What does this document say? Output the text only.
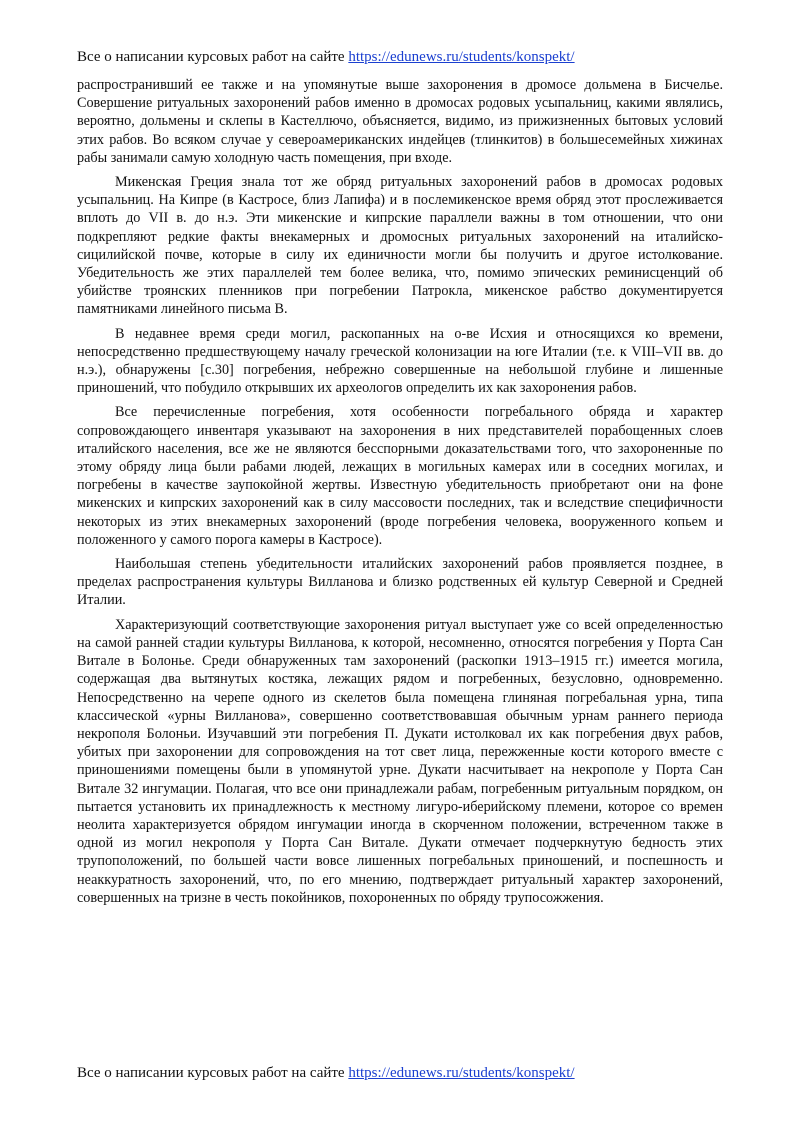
Все о написании курсовых работ на сайте https://edunews.ru/students/konspekt/

распространивший ее также и на упомянутые выше захоронения в дромосе дольмена в Бисчелье. Совершение ритуальных захоронений рабов именно в дромосах родовых усыпальниц, какими являлись, вероятно, дольмены и склепы в Кастеллючо, объясняется, видимо, из прижизненных бытовых условий этих рабов. Во всяком случае у североамериканских индейцев (тлинкитов) в большесемейных хижинах рабы занимали самую холодную часть помещения, при входе.

Микенская Греция знала тот же обряд ритуальных захоронений рабов в дромосах родовых усыпальниц. На Кипре (в Кастросе, близ Лапифа) и в послемикенское время обряд этот прослеживается вплоть до VII в. до н.э. Эти микенские и кипрские параллели важны в том отношении, что они подкрепляют редкие факты внекамерных и дромосных ритуальных захоронений на италийско-сицилийской почве, которые в силу их единичности могли бы получить и другое истолкование. Убедительность же этих параллелей тем более велика, что, помимо эпических реминисценций об убийстве троянских пленников при погребении Патрокла, микенское рабство документируется памятниками линейного письма В.

В недавнее время среди могил, раскопанных на о-ве Исхия и относящихся ко времени, непосредственно предшествующему началу греческой колонизации на юге Италии (т.е. к VIII–VII вв. до н.э.), обнаружены [с.30] погребения, небрежно совершенные на небольшой глубине и лишенные приношений, что побудило открывших их археологов определить их как захоронения рабов.

Все перечисленные погребения, хотя особенности погребального обряда и характер сопровождающего инвентаря указывают на захоронения в них представителей порабощенных слоев италийского населения, все же не являются бесспорными доказательствами того, что захороненные по этому обряду лица были рабами людей, лежащих в могильных камерах или в соседних могилах, и погребены в качестве заупокойной жертвы. Известную убедительность приобретают они на фоне микенских и кипрских захоронений как в силу массовости последних, так и вследствие специфичности некоторых из этих внекамерных захоронений (вроде погребения человека, вооруженного копьем и положенного у самого порога камеры в Кастросе).

Наибольшая степень убедительности италийских захоронений рабов проявляется позднее, в пределах распространения культуры Вилланова и близко родственных ей культур Северной и Средней Италии.

Характеризующий соответствующие захоронения ритуал выступает уже со всей определенностью на самой ранней стадии культуры Вилланова, к которой, несомненно, относятся погребения у Порта Сан Витале в Болонье. Среди обнаруженных там захоронений (раскопки 1913–1915 гг.) имеется могила, содержащая два вытянутых костяка, лежащих рядом и погребенных, безусловно, одновременно. Непосредственно на черепе одного из скелетов была помещена глиняная погребальная урна, типа классической «урны Вилланова», совершенно соответствовавшая обычным урнам раннего периода некрополя Болоньи. Изучавший эти погребения П. Дукати истолковал их как погребения двух рабов, убитых при захоронении для сопровождения на тот свет лица, пережженные кости которого вместе с приношениями помещены были в упомянутой урне. Дукати насчитывает на некрополе у Порта Сан Витале 32 ингумации. Полагая, что все они принадлежали рабам, погребенным ритуальным порядком, он пытается установить их принадлежность к местному лигуро-иберийскому племени, которое со времен неолита характеризуется обрядом ингумации иногда в скорченном положении, встреченном также в одной из могил некрополя у Порта Сан Витале. Дукати отмечает подчеркнутую бедность этих трупоположений, по большей части вовсе лишенных погребальных приношений, и поспешность и неаккуратность захоронений, что, по его мнению, подтверждает ритуальный характер захоронений, совершенных на тризне в честь покойников, похороненных по обряду трупосожжения.

Все о написании курсовых работ на сайте https://edunews.ru/students/konspekt/
